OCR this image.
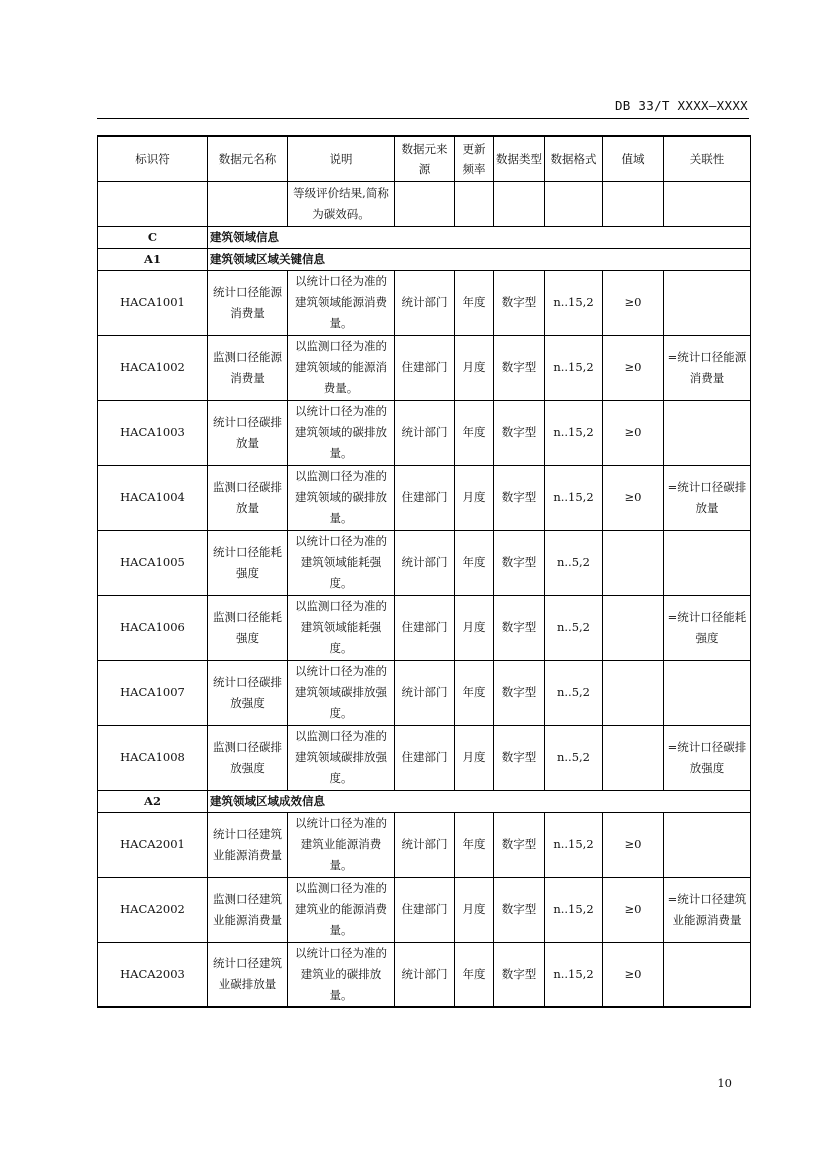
DB 33/T XXXX—XXXX
标识符	数据元名称	说明	数据元来源	更新频率	数据类型	数据格式	值域	关联性
		等级评价结果,简称为碳效码。						
C	建筑领域信息							
A1	建筑领域区域关键信息							
HACA1001	统计口径能源消费量	以统计口径为准的建筑领域能源消费量。	统计部门	年度	数字型	n..15,2	≥0	
HACA1002	监测口径能源消费量	以监测口径为准的建筑领域的能源消费量。	住建部门	月度	数字型	n..15,2	≥0	=统计口径能源消费量
HACA1003	统计口径碳排放量	以统计口径为准的建筑领域的碳排放量。	统计部门	年度	数字型	n..15,2	≥0	
HACA1004	监测口径碳排放量	以监测口径为准的建筑领域的碳排放量。	住建部门	月度	数字型	n..15,2	≥0	=统计口径碳排放量
HACA1005	统计口径能耗强度	以统计口径为准的建筑领域能耗强度。	统计部门	年度	数字型	n..5,2		
HACA1006	监测口径能耗强度	以监测口径为准的建筑领域能耗强度。	住建部门	月度	数字型	n..5,2		=统计口径能耗强度
HACA1007	统计口径碳排放强度	以统计口径为准的建筑领域碳排放强度。	统计部门	年度	数字型	n..5,2		
HACA1008	监测口径碳排放强度	以监测口径为准的建筑领域碳排放强度。	住建部门	月度	数字型	n..5,2		=统计口径碳排放强度
A2	建筑领域区域成效信息							
HACA2001	统计口径建筑业能源消费量	以统计口径为准的建筑业能源消费量。	统计部门	年度	数字型	n..15,2	≥0	
HACA2002	监测口径建筑业能源消费量	以监测口径为准的建筑业的能源消费量。	住建部门	月度	数字型	n..15,2	≥0	=统计口径建筑业能源消费量
HACA2003	统计口径建筑业碳排放量	以统计口径为准的建筑业的碳排放量。	统计部门	年度	数字型	n..15,2	≥0	
10
